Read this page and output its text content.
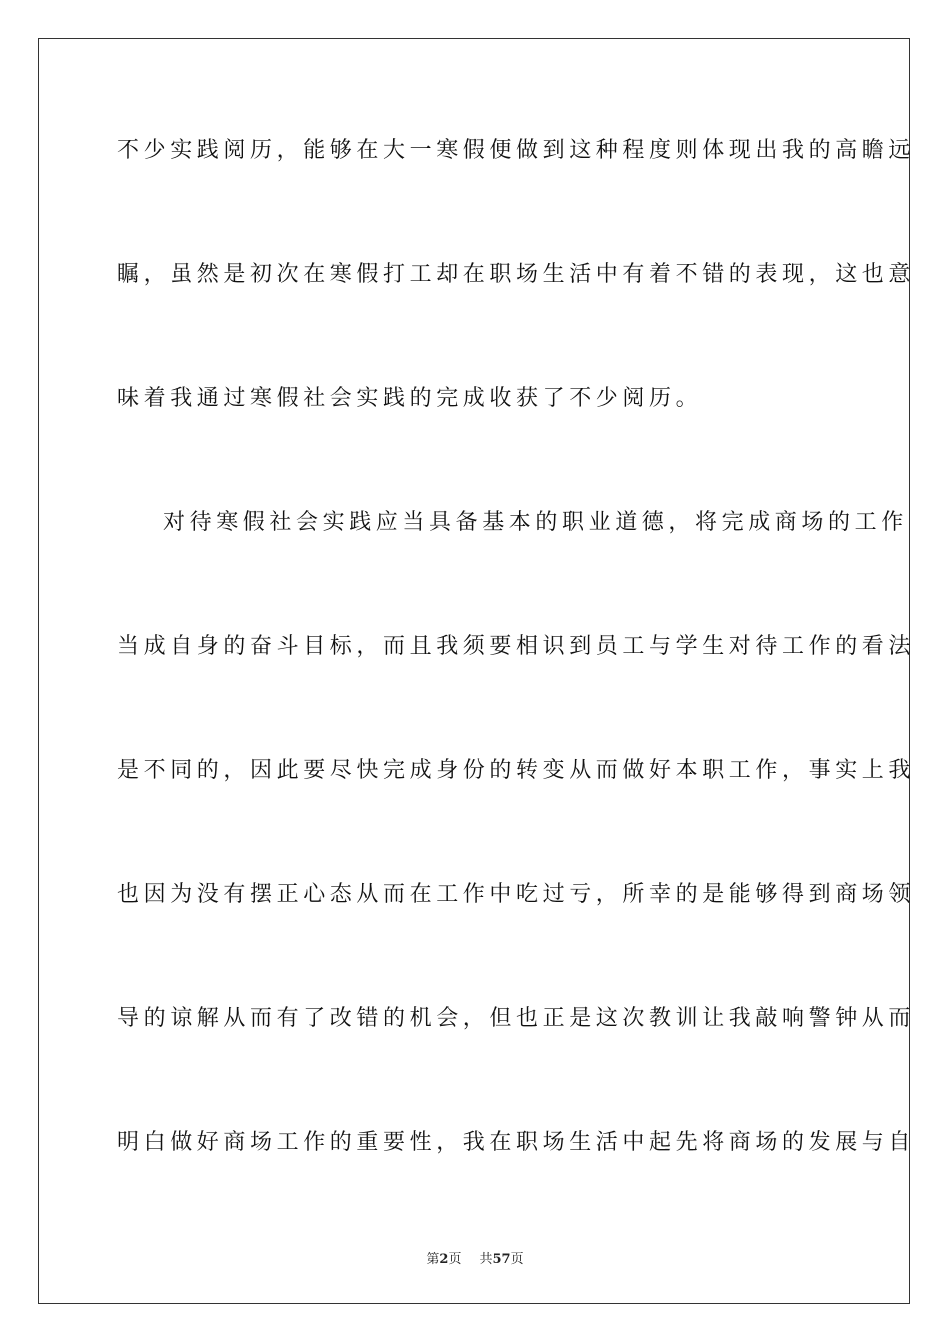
不少实践阅历，能够在大一寒假便做到这种程度则体现出我的高瞻远
瞩，虽然是初次在寒假打工却在职场生活中有着不错的表现，这也意
味着我通过寒假社会实践的完成收获了不少阅历。
对待寒假社会实践应当具备基本的职业道德，将完成商场的工作
当成自身的奋斗目标，而且我须要相识到员工与学生对待工作的看法
是不同的，因此要尽快完成身份的转变从而做好本职工作，事实上我
也因为没有摆正心态从而在工作中吃过亏，所幸的是能够得到商场领
导的谅解从而有了改错的机会，但也正是这次教训让我敲响警钟从而
明白做好商场工作的重要性，我在职场生活中起先将商场的发展与自
第2页 共57页
